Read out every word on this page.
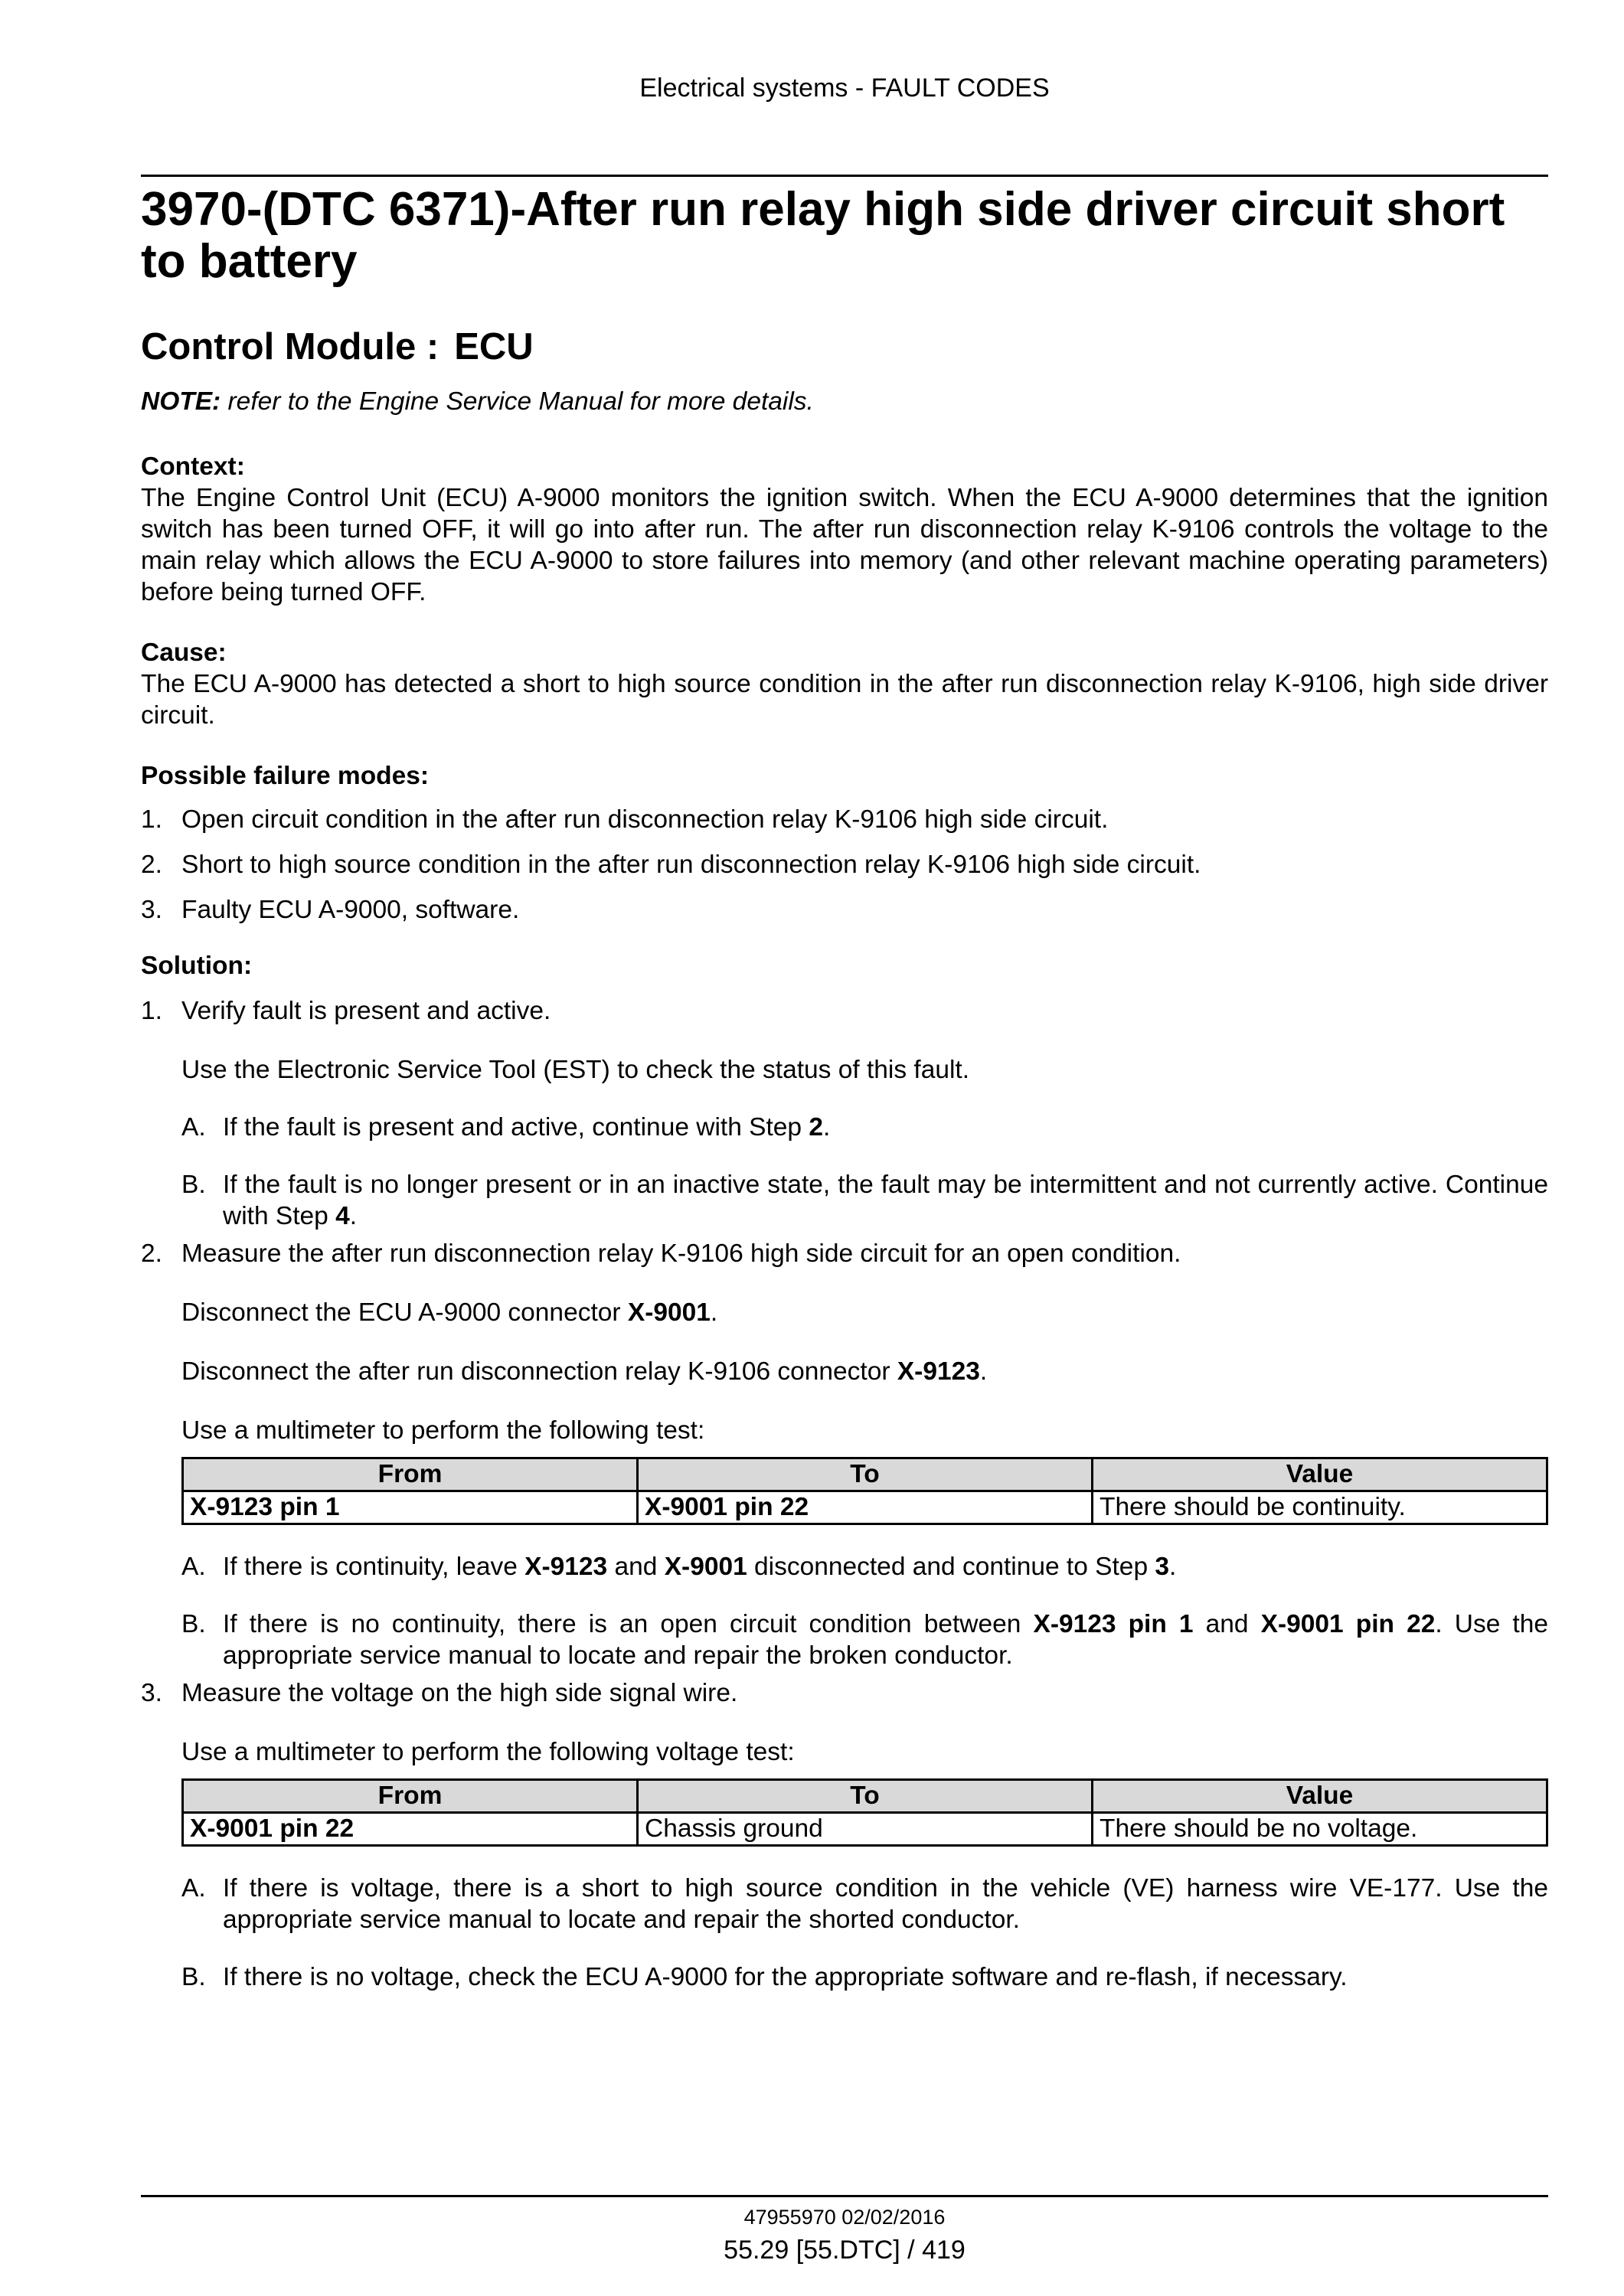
Electrical systems - FAULT CODES
3970-(DTC 6371)-After run relay high side driver circuit short to battery
Control Module : ECU

NOTE: refer to the Engine Service Manual for more details.

Context:

The Engine Control Unit (ECU) A-9000 monitors the ignition switch. When the ECU A-9000 determines that the ignition switch has been turned OFF, it will go into after run. The after run disconnection relay K-9106 controls the voltage to the main relay which allows the ECU A-9000 to store failures into memory (and other relevant machine operating parameters) before being turned OFF.

Cause:

The ECU A-9000 has detected a short to high source condition in the after run disconnection relay K-9106, high side driver circuit.

Possible failure modes:
1. Open circuit condition in the after run disconnection relay K-9106 high side circuit.
2. Short to high source condition in the after run disconnection relay K-9106 high side circuit.
3. Faulty ECU A-9000, software.
Solution:
1. Verify fault is present and active.
Use the Electronic Service Tool (EST) to check the status of this fault.
A. If the fault is present and active, continue with Step 2.
B. If the fault is no longer present or in an inactive state, the fault may be intermittent and not currently active. Continue with Step 4.
2. Measure the after run disconnection relay K-9106 high side circuit for an open condition.
Disconnect the ECU A-9000 connector X-9001.
Disconnect the after run disconnection relay K-9106 connector X-9123.
Use a multimeter to perform the following test:
From	To	Value
X-9123 pin 1	X-9001 pin 22	There should be continuity.
A. If there is continuity, leave X-9123 and X-9001 disconnected and continue to Step 3.
B. If there is no continuity, there is an open circuit condition between X-9123 pin 1 and X-9001 pin 22. Use the appropriate service manual to locate and repair the broken conductor.
3. Measure the voltage on the high side signal wire.
Use a multimeter to perform the following voltage test:
From	To	Value
X-9001 pin 22	Chassis ground	There should be no voltage.
A. If there is voltage, there is a short to high source condition in the vehicle (VE) harness wire VE-177. Use the appropriate service manual to locate and repair the shorted conductor.
B. If there is no voltage, check the ECU A-9000 for the appropriate software and re-flash, if necessary.
47955970 02/02/2016
55.29 [55.DTC] / 419
